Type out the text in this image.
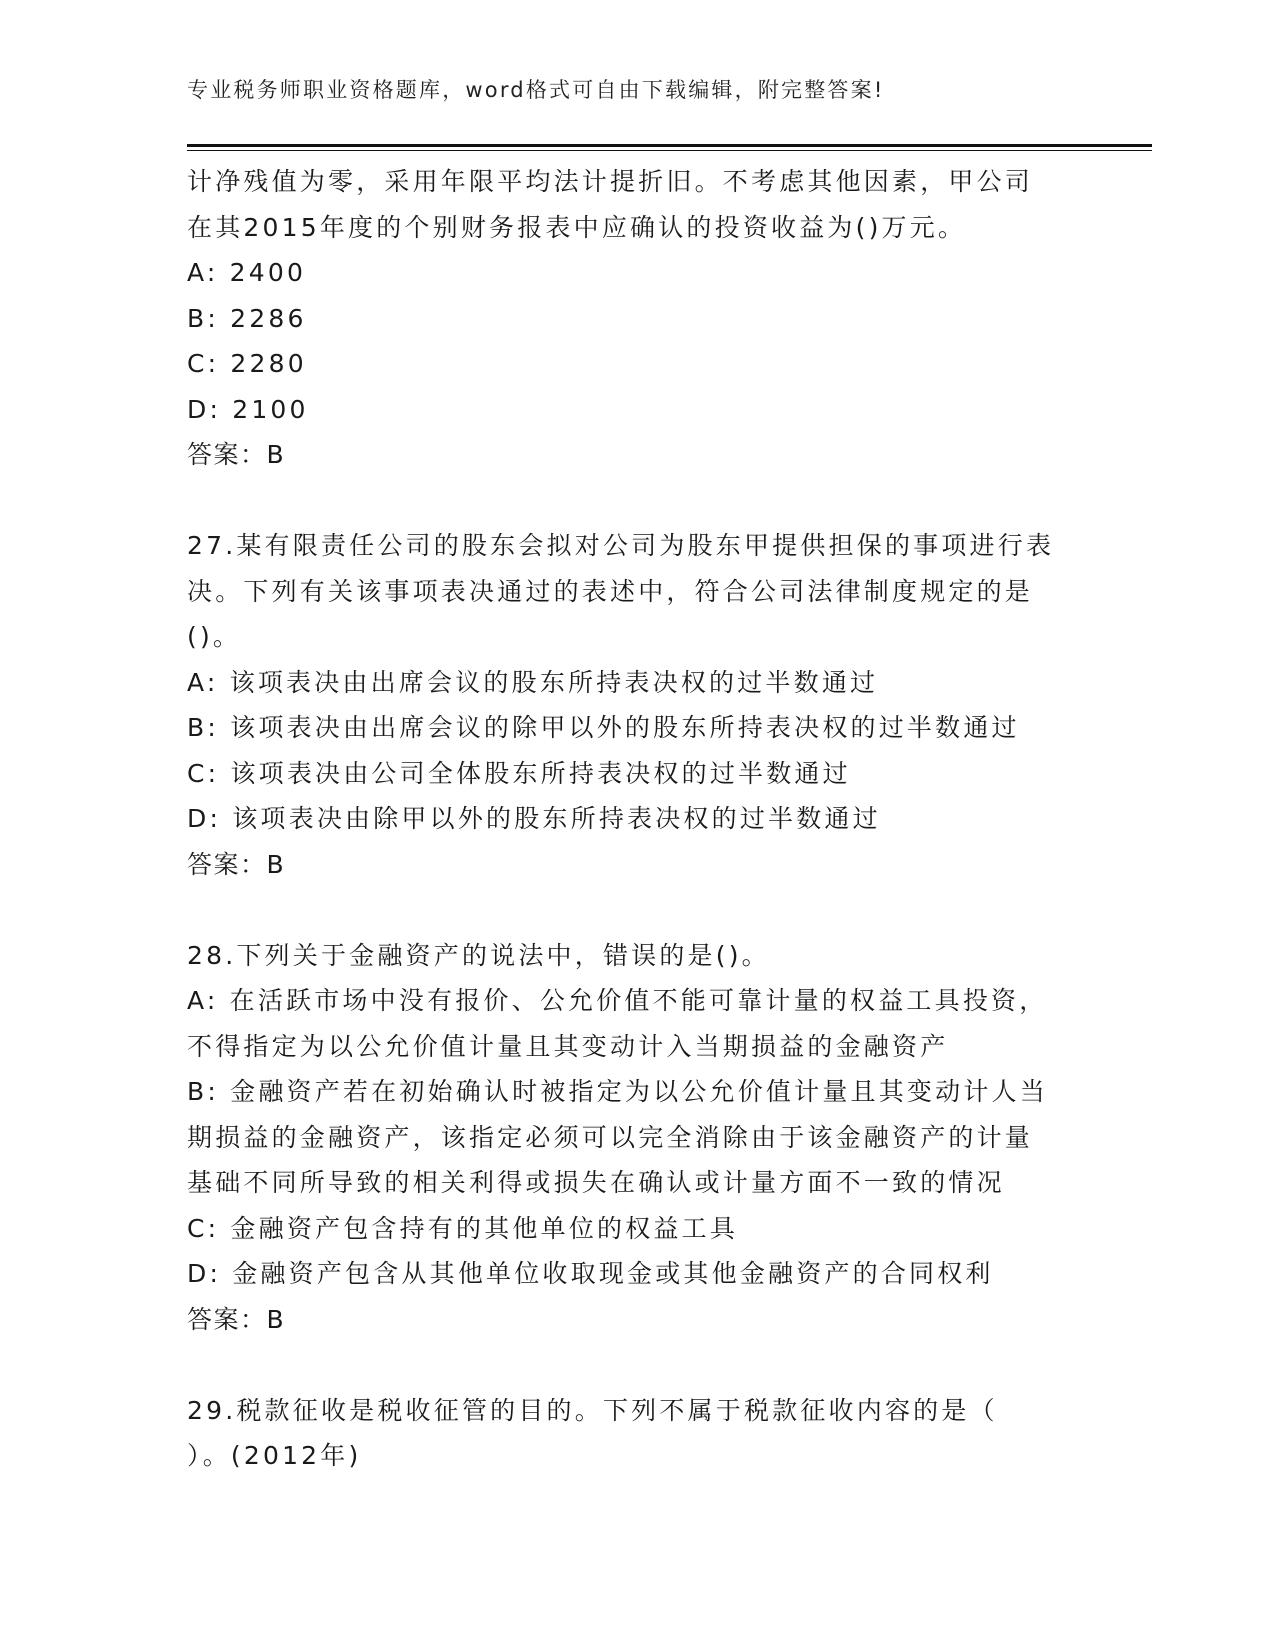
专业税务师职业资格题库，word格式可自由下载编辑，附完整答案!
计净残值为零，采用年限平均法计提折旧。不考虑其他因素，甲公司
在其2015年度的个别财务报表中应确认的投资收益为()万元。
A: 2400
B: 2286
C: 2280
D: 2100
答案：B
27.某有限责任公司的股东会拟对公司为股东甲提供担保的事项进行表
决。下列有关该事项表决通过的表述中，符合公司法律制度规定的是
()。
A: 该项表决由出席会议的股东所持表决权的过半数通过
B: 该项表决由出席会议的除甲以外的股东所持表决权的过半数通过
C: 该项表决由公司全体股东所持表决权的过半数通过
D: 该项表决由除甲以外的股东所持表决权的过半数通过
答案：B
28.下列关于金融资产的说法中，错误的是()。
A: 在活跃市场中没有报价、公允价值不能可靠计量的权益工具投资，
不得指定为以公允价值计量且其变动计入当期损益的金融资产
B: 金融资产若在初始确认时被指定为以公允价值计量且其变动计人当
期损益的金融资产，该指定必须可以完全消除由于该金融资产的计量
基础不同所导致的相关利得或损失在确认或计量方面不一致的情况
C: 金融资产包含持有的其他单位的权益工具
D: 金融资产包含从其他单位收取现金或其他金融资产的合同权利
答案：B
29.税款征收是税收征管的目的。下列不属于税款征收内容的是（
）。(2012年)
